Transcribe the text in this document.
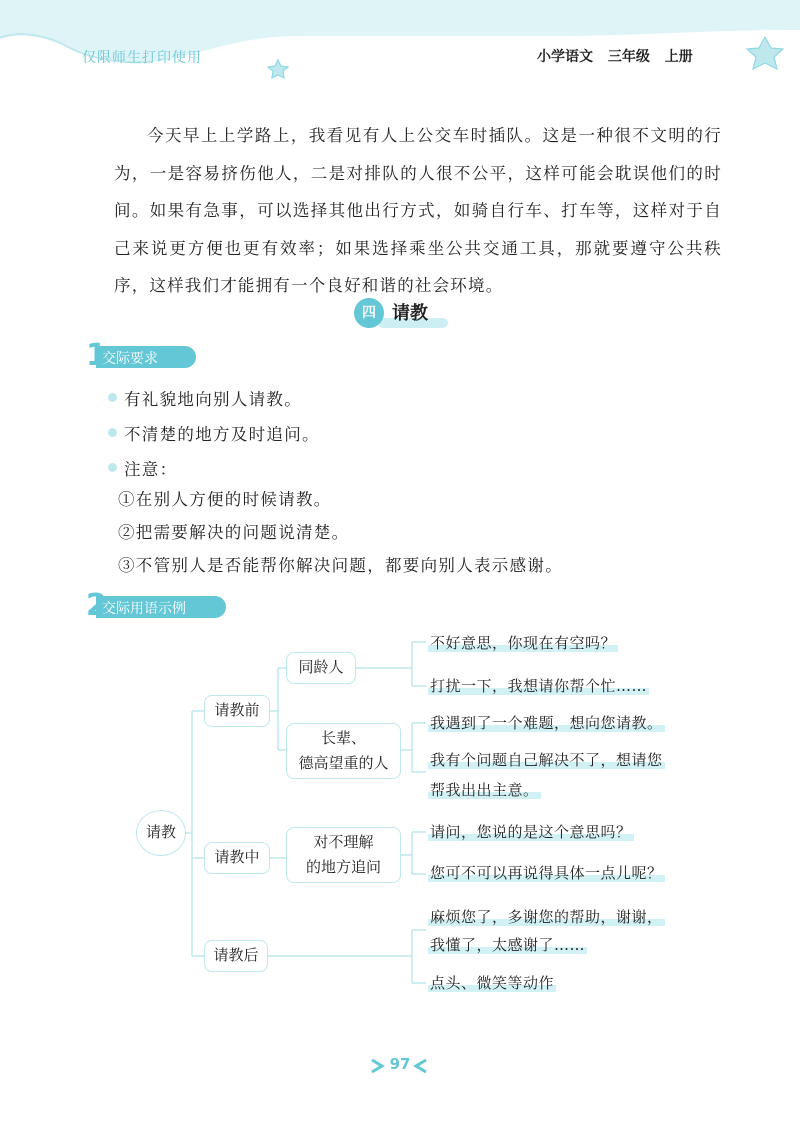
仅限师生打印使用	小学语文 三年级 上册
今天早上上学路上，我看见有人上公交车时插队。这是一种很不文明的行为，一是容易挤伤他人，二是对排队的人很不公平，这样可能会耽误他们的时间。如果有急事，可以选择其他出行方式，如骑自行车、打车等，这样对于自己来说更方便也更有效率；如果选择乘坐公共交通工具，那就要遵守公共秩序，这样我们才能拥有一个良好和谐的社会环境。
四 请教
1
交际要求
有礼貌地向别人请教。
不清楚的地方及时追问。
注意：
①在别人方便的时候请教。
②把需要解决的问题说清楚。
③不管别人是否能帮你解决问题，都要向别人表示感谢。
2
交际用语示例
请教
请教前
请教中
请教后
同龄人
长辈、
德高望重的人
对不理解
的地方追问
不好意思，你现在有空吗？
打扰一下，我想请你帮个忙……
我遇到了一个难题，想向您请教。
我有个问题自己解决不了，想请您
帮我出出主意。
请问，您说的是这个意思吗？
您可不可以再说得具体一点儿呢？
麻烦您了，多谢您的帮助，谢谢，
我懂了，太感谢了……
点头、微笑等动作
97
